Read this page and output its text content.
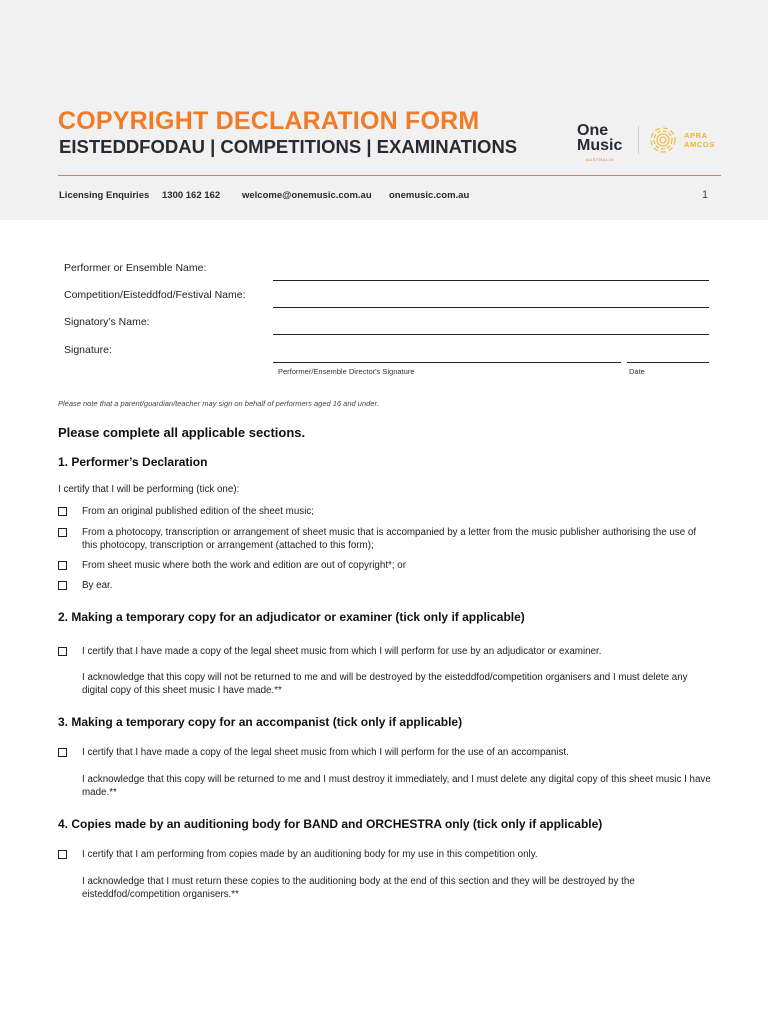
COPYRIGHT DECLARATION FORM
EISTEDDFODAU | COMPETITIONS | EXAMINATIONS
One
Music
AUSTRALIA
APRA
AMCOS
Licensing Enquiries 1300 162 162 welcome@onemusic.com.au onemusic.com.au	1
Performer or Ensemble Name:
Competition/Eisteddfod/Festival Name:
Signatory’s Name:
Signature:
Performer/Ensemble Director's Signature	Date
Please note that a parent/guardian/teacher may sign on behalf of performers aged 16 and under.
Please complete all applicable sections.
1. Performer’s Declaration
I certify that I will be performing (tick one):
From an original published edition of the sheet music;
From a photocopy, transcription or arrangement of sheet music that is accompanied by a letter from the music publisher authorising the use of this photocopy, transcription or arrangement (attached to this form);
From sheet music where both the work and edition are out of copyright*; or
By ear.
2. Making a temporary copy for an adjudicator or examiner (tick only if applicable)
I certify that I have made a copy of the legal sheet music from which I will perform for use by an adjudicator or examiner.
I acknowledge that this copy will not be returned to me and will be destroyed by the eisteddfod/competition organisers and I must delete any digital copy of this sheet music I have made.**
3. Making a temporary copy for an accompanist (tick only if applicable)
I certify that I have made a copy of the legal sheet music from which I will perform for the use of an accompanist.
I acknowledge that this copy will be returned to me and I must destroy it immediately, and I must delete any digital copy of this sheet music I have made.**
4. Copies made by an auditioning body for BAND and ORCHESTRA only (tick only if applicable)
I certify that I am performing from copies made by an auditioning body for my use in this competition only.
I acknowledge that I must return these copies to the auditioning body at the end of this section and they will be destroyed by the eisteddfod/competition organisers.**
